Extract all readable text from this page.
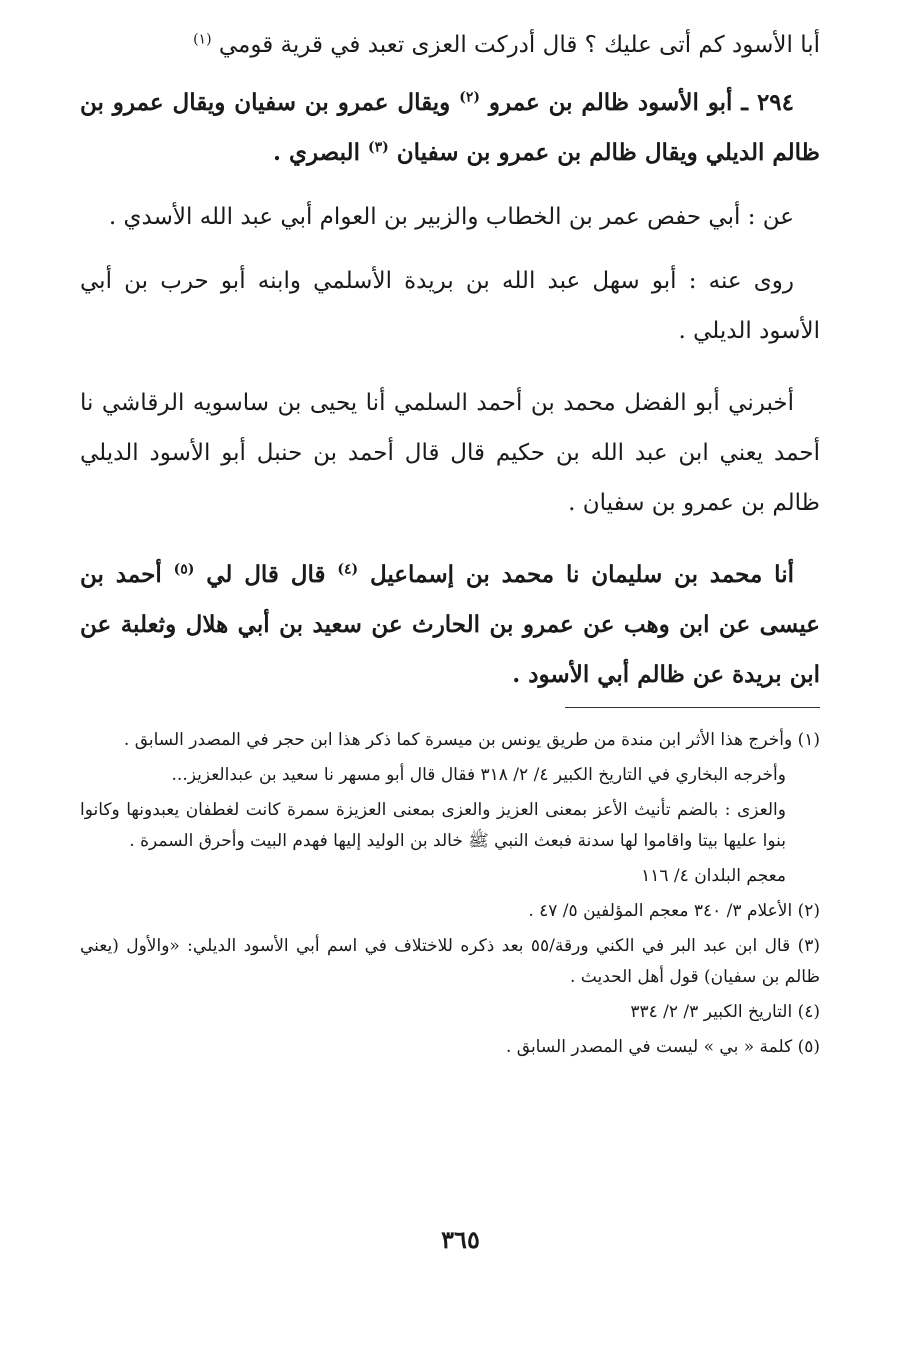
أبا الأسود كم أتى عليك ؟ قال أدركت العزى تعبد في قرية قومي $^{(١)}$

٢٩٤ ـ أبو الأسود ظالم بن عمرو $^{(٢)}$ ويقال عمرو بن سفيان ويقال عمرو بن ظالم الديلي ويقال ظالم بن عمرو بن سفيان $^{(٣)}$ البصري .

عن : أبي حفص عمر بن الخطاب والزبير بن العوام أبي عبد الله الأسدي .

روى عنه : أبو سهل عبد الله بن بريدة الأسلمي وابنه أبو حرب بن أبي الأسود الديلي .

أخبرني أبو الفضل محمد بن أحمد السلمي أنا يحيى بن ساسويه الرقاشي نا أحمد يعني ابن عبد الله بن حكيم قال قال أحمد بن حنبل أبو الأسود الديلي ظالم بن عمرو بن سفيان .

أنا محمد بن سليمان نا محمد بن إسماعيل $^{(٤)}$ قال قال لي $^{(٥)}$ أحمد بن عيسى عن ابن وهب عن عمرو بن الحارث عن سعيد بن أبي هلال وثعلبة عن ابن بريدة عن ظالم أبي الأسود .

(١) وأخرج هذا الأثر ابن مندة من طريق يونس بن ميسرة كما ذكر هذا ابن حجر في المصدر السابق .

وأخرجه البخاري في التاريخ الكبير ٤/ ٢/ ٣١٨ فقال قال أبو مسهر نا سعيد بن عبدالعزيز...

والعزى : بالضم تأنيث الأعز بمعنى العزيز والعزى بمعنى العزيزة سمرة كانت لغطفان يعبدونها وكانوا بنوا عليها بيتا واقاموا لها سدنة فبعث النبي ﷺ خالد بن الوليد إليها فهدم البيت وأحرق السمرة .

معجم البلدان ٤/ ١١٦

(٢) الأعلام ٣/ ٣٤٠ معجم المؤلفين ٥/ ٤٧ .

(٣) قال ابن عبد البر في الكني ورقة/٥٥ بعد ذكره للاختلاف في اسم أبي الأسود الديلي: «والأول (يعني ظالم بن سفيان) قول أهل الحديث .

(٤) التاريخ الكبير ٣/ ٢/ ٣٣٤

(٥) كلمة « بي » ليست في المصدر السابق .

٣٦٥
